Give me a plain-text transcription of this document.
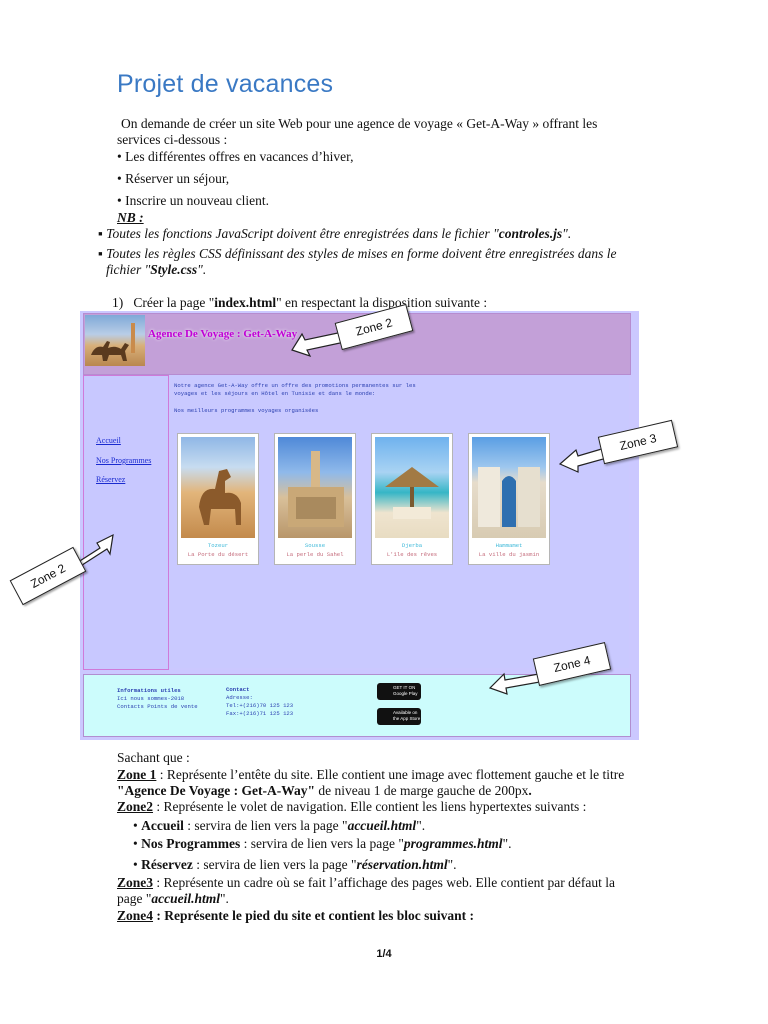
Projet de vacances
On demande de créer un site Web pour une agence de voyage « Get-A-Way » offrant les
services ci-dessous :
• Les différentes offres en vacances d’hiver,
• Réserver un séjour,
• Inscrire un nouveau client.
NB :
▪ Toutes les fonctions JavaScript doivent être enregistrées dans le fichier "controles.js".
▪ Toutes les règles CSS définissant des styles de mises en forme doivent être enregistrées dans le
fichier "Style.css".
1) Créer la page "index.html" en respectant la disposition suivante :
Agence De Voyage : Get-A-Way
Accueil
Nos Programmes
Réservez
Notre agence Get-A-Way offre un offre des promotions permanentes sur les
voyages et les séjours en Hôtel en Tunisie et dans le monde:
Nos meilleurs programmes voyages organisées
Tozeur
La Porte du désert
Sousse
La perle du Sahel
Djerba
L'île des rêves
Hammamet
La ville du jasmin
Informations utiles
Ici nous sommes-2018
Contacts Points de vente
Contact
Adresse:
Tel:+(216)70 125 123
Fax:+(216)71 125 123
GET IT ON Google Play
Available on the App Store
Zone 2
Zone 3
Zone 2
Zone 4
Sachant que :
Zone 1 : Représente l’entête du site. Elle contient une image avec flottement gauche et le titre
"Agence De Voyage : Get-A-Way" de niveau 1 de marge gauche de 200px.
Zone2 : Représente le volet de navigation. Elle contient les liens hypertextes suivants :
• Accueil : servira de lien vers la page "accueil.html".
• Nos Programmes : servira de lien vers la page "programmes.html".
• Réservez : servira de lien vers la page "réservation.html".
Zone3 : Représente un cadre où se fait l’affichage des pages web. Elle contient par défaut la
page "accueil.html".
Zone4 : Représente le pied du site et contient les bloc suivant :
1/4
